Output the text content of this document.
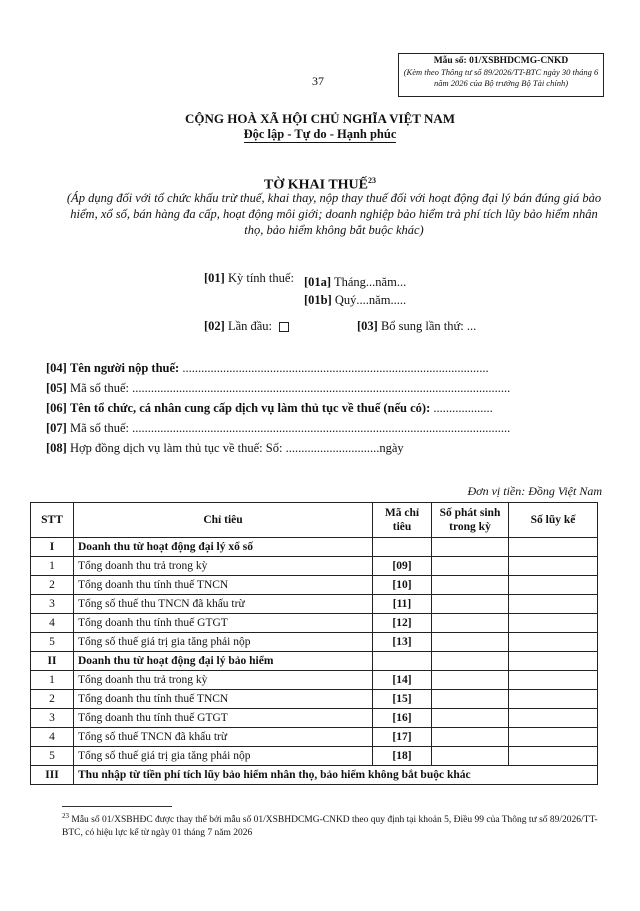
Mẫu số: 01/XSBHDCMG-CNKD
(Kèm theo Thông tư số 89/2026/TT-BTC ngày 30 tháng 6 năm 2026 của Bộ trưởng Bộ Tài chính)
37
CỘNG HOÀ XÃ HỘI CHỦ NGHĨA VIỆT NAM
Độc lập - Tự do - Hạnh phúc
TỜ KHAI THUẾ$^{23}$
(Áp dụng đối với tổ chức khấu trừ thuế, khai thay, nộp thay thuế đối với hoạt động đại lý bán đúng giá bảo hiểm, xổ số, bán hàng đa cấp, hoạt động môi giới; doanh nghiệp bảo hiểm trả phí tích lũy bảo hiểm nhân thọ, bảo hiểm không bắt buộc khác)
[01] Kỳ tính thuế: [01a] Tháng...năm...
[01b] Quý....năm.....
[02] Lần đầu:	[03] Bổ sung lần thứ: ...
[04] Tên người nộp thuế: ..................................................................................................
[05] Mã số thuế: .........................................................................................................................
[06] Tên tổ chức, cá nhân cung cấp dịch vụ làm thủ tục về thuế (nếu có): ...................
[07] Mã số thuế: .........................................................................................................................
[08] Hợp đồng dịch vụ làm thủ tục về thuế: Số: ..............................ngày
Đơn vị tiền: Đồng Việt Nam
STT	Chỉ tiêu	Mã chỉ tiêu	Số phát sinh trong kỳ	Số lũy kế
I	Doanh thu từ hoạt động đại lý xổ số			
1	Tổng doanh thu trả trong kỳ	[09]		
2	Tổng doanh thu tính thuế TNCN	[10]		
3	Tổng số thuế thu TNCN đã khấu trừ	[11]		
4	Tổng doanh thu tính thuế GTGT	[12]		
5	Tổng số thuế giá trị gia tăng phải nộp	[13]		
II	Doanh thu từ hoạt động đại lý bảo hiểm			
1	Tổng doanh thu trả trong kỳ	[14]		
2	Tổng doanh thu tính thuế TNCN	[15]		
3	Tổng doanh thu tính thuế GTGT	[16]		
4	Tổng số thuế TNCN đã khấu trừ	[17]		
5	Tổng số thuế giá trị gia tăng phải nộp	[18]		
III	Thu nhập từ tiền phí tích lũy bảo hiểm nhân thọ, bảo hiểm không bắt buộc khác			
$^{23}$ Mẫu số 01/XSBHĐC được thay thế bởi mẫu số 01/XSBHDCMG-CNKD theo quy định tại khoản 5, Điều 99 của Thông tư số 89/2026/TT-BTC, có hiệu lực kể từ ngày 01 tháng 7 năm 2026
